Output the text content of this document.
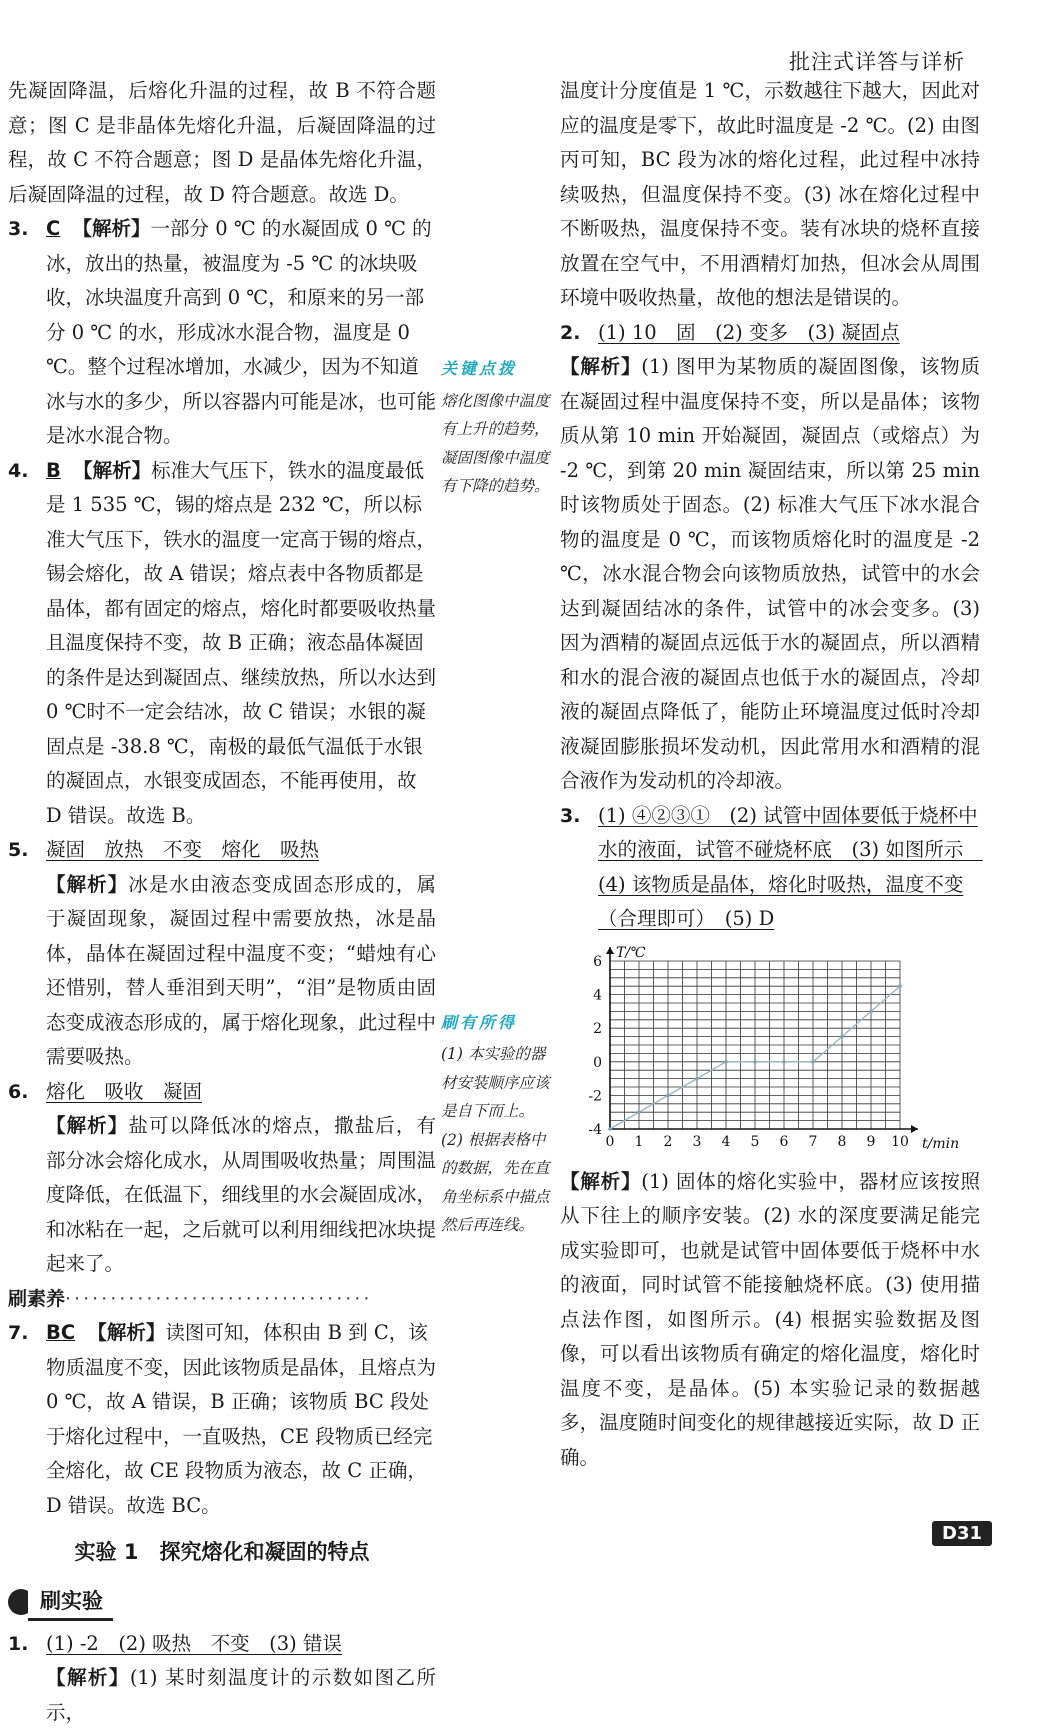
批注式详答与详析

先凝固降温，后熔化升温的过程，故 B 不符合题意；图 C 是非晶体先熔化升温，后凝固降温的过程，故 C 不符合题意；图 D 是晶体先熔化升温，后凝固降温的过程，故 D 符合题意。故选 D。

3. C 【解析】一部分 0 ℃ 的水凝固成 0 ℃ 的冰，放出的热量，被温度为 -5 ℃ 的冰块吸收，冰块温度升高到 0 ℃，和原来的另一部分 0 ℃ 的水，形成冰水混合物，温度是 0 ℃。整个过程冰增加，水减少，因为不知道冰与水的多少，所以容器内可能是冰，也可能是冰水混合物。

4. B 【解析】标准大气压下，铁水的温度最低是 1 535 ℃，锡的熔点是 232 ℃，所以标准大气压下，铁水的温度一定高于锡的熔点，锡会熔化，故 A 错误；熔点表中各物质都是晶体，都有固定的熔点，熔化时都要吸收热量且温度保持不变，故 B 正确；液态晶体凝固的条件是达到凝固点、继续放热，所以水达到 0 ℃时不一定会结冰，故 C 错误；水银的凝固点是 -38.8 ℃，南极的最低气温低于水银的凝固点，水银变成固态，不能再使用，故 D 错误。故选 B。

5. 凝固　放热　不变　熔化　吸热

【解析】冰是水由液态变成固态形成的，属于凝固现象，凝固过程中需要放热，冰是晶体，晶体在凝固过程中温度不变；“蜡烛有心还惜别，替人垂泪到天明”，“泪”是物质由固态变成液态形成的，属于熔化现象，此过程中需要吸热。

6. 熔化　吸收　凝固

【解析】盐可以降低冰的熔点，撒盐后，有部分冰会熔化成水，从周围吸收热量；周围温度降低，在低温下，细线里的水会凝固成冰，和冰粘在一起，之后就可以利用细线把冰块提起来了。

刷素养··································

7. BC 【解析】读图可知，体积由 B 到 C，该物质温度不变，因此该物质是晶体，且熔点为 0 ℃，故 A 错误，B 正确；该物质 BC 段处于熔化过程中，一直吸热，CE 段物质已经完全熔化，故 CE 段物质为液态，故 C 正确，D 错误。故选 BC。

实验 1　探究熔化和凝固的特点

刷实验

1. (1) -2　(2) 吸热　不变　(3) 错误

【解析】(1) 某时刻温度计的示数如图乙所示，

关键点拨

熔化图像中温度有上升的趋势，凝固图像中温度有下降的趋势。

刷有所得

(1) 本实验的器材安装顺序应该是自下而上。

(2) 根据表格中的数据，先在直角坐标系中描点然后再连线。

温度计分度值是 1 ℃，示数越往下越大，因此对应的温度是零下，故此时温度是 -2 ℃。(2) 由图丙可知，BC 段为冰的熔化过程，此过程中冰持续吸热，但温度保持不变。(3) 冰在熔化过程中不断吸热，温度保持不变。装有冰块的烧杯直接放置在空气中，不用酒精灯加热，但冰会从周围环境中吸收热量，故他的想法是错误的。

2. (1) 10　固　(2) 变多　(3) 凝固点

【解析】(1) 图甲为某物质的凝固图像，该物质在凝固过程中温度保持不变，所以是晶体；该物质从第 10 min 开始凝固，凝固点（或熔点）为 -2 ℃，到第 20 min 凝固结束，所以第 25 min 时该物质处于固态。(2) 标准大气压下冰水混合物的温度是 0 ℃，而该物质熔化时的温度是 -2 ℃，冰水混合物会向该物质放热，试管中的水会达到凝固结冰的条件，试管中的冰会变多。(3) 因为酒精的凝固点远低于水的凝固点，所以酒精和水的混合液的凝固点也低于水的凝固点，冷却液的凝固点降低了，能防止环境温度过低时冷却液凝固膨胀损坏发动机，因此常用水和酒精的混合液作为发动机的冷却液。

3. (1) ④②③①　(2) 试管中固体要低于烧杯中水的液面，试管不碰烧杯底　(3) 如图所示　(4) 该物质是晶体，熔化时吸热，温度不变（合理即可）　(5) D

0 1 2 3 4 5 6 7 8 9 10
6
4
2
0
-2
-4
t/min
T/℃

【解析】(1) 固体的熔化实验中，器材应该按照从下往上的顺序安装。(2) 水的深度要满足能完成实验即可，也就是试管中固体要低于烧杯中水的液面，同时试管不能接触烧杯底。(3) 使用描点法作图，如图所示。(4) 根据实验数据及图像，可以看出该物质有确定的熔化温度，熔化时温度不变，是晶体。(5) 本实验记录的数据越多，温度随时间变化的规律越接近实际，故 D 正确。

D31
